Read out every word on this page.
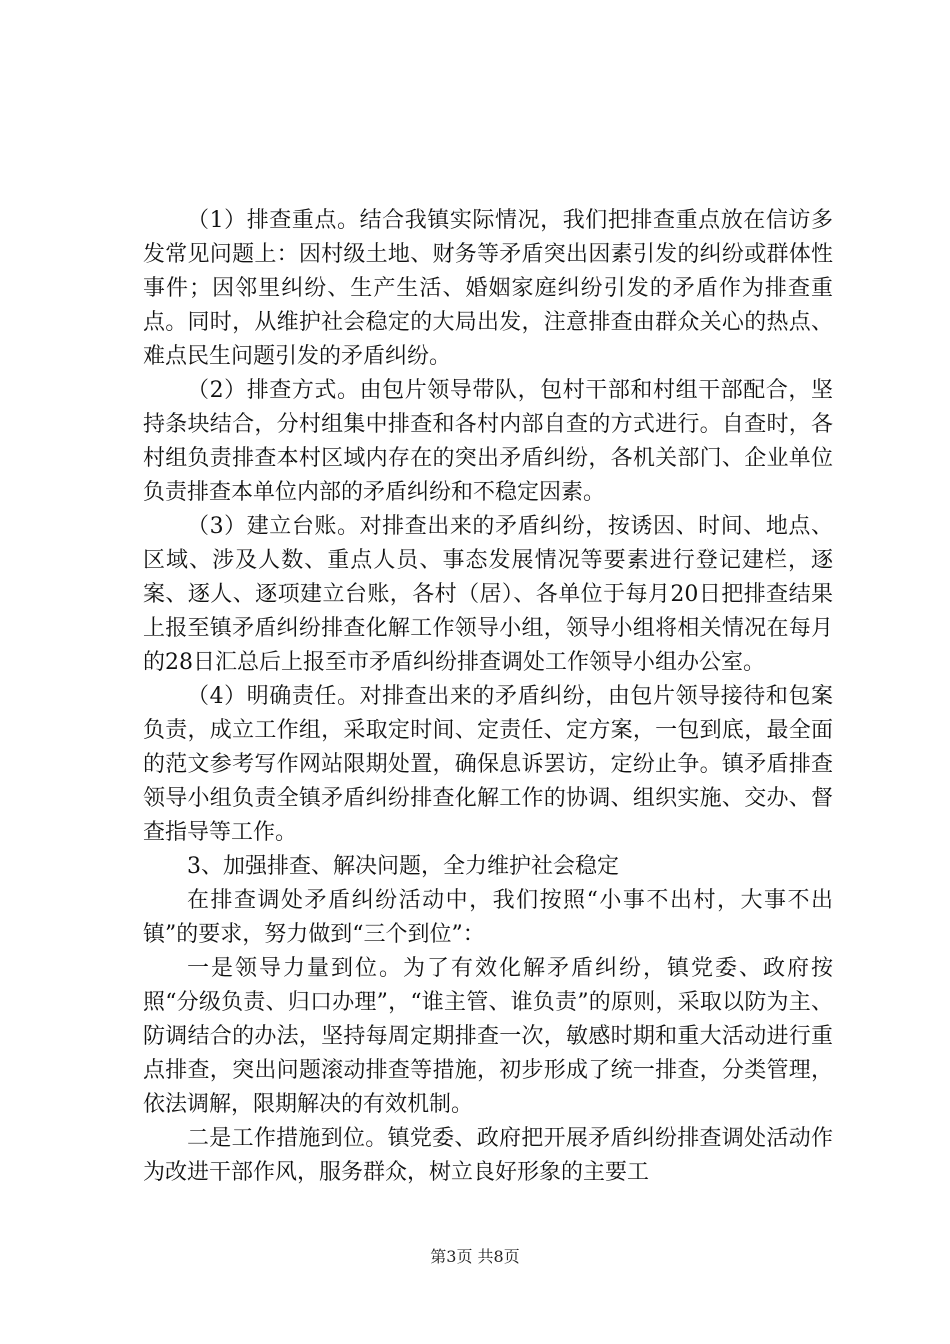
（1）排查重点。结合我镇实际情况，我们把排查重点放在信访多发常见问题上：因村级土地、财务等矛盾突出因素引发的纠纷或群体性事件；因邻里纠纷、生产生活、婚姻家庭纠纷引发的矛盾作为排查重点。同时，从维护社会稳定的大局出发，注意排查由群众关心的热点、难点民生问题引发的矛盾纠纷。

（2）排查方式。由包片领导带队，包村干部和村组干部配合，坚持条块结合，分村组集中排查和各村内部自查的方式进行。自查时，各村组负责排查本村区域内存在的突出矛盾纠纷，各机关部门、企业单位负责排查本单位内部的矛盾纠纷和不稳定因素。

（3）建立台账。对排查出来的矛盾纠纷，按诱因、时间、地点、区域、涉及人数、重点人员、事态发展情况等要素进行登记建栏，逐案、逐人、逐项建立台账，各村（居）、各单位于每月20日把排查结果上报至镇矛盾纠纷排查化解工作领导小组，领导小组将相关情况在每月的28日汇总后上报至市矛盾纠纷排查调处工作领导小组办公室。

（4）明确责任。对排查出来的矛盾纠纷，由包片领导接待和包案负责，成立工作组，采取定时间、定责任、定方案，一包到底，最全面的范文参考写作网站限期处置，确保息诉罢访，定纷止争。镇矛盾排查领导小组负责全镇矛盾纠纷排查化解工作的协调、组织实施、交办、督查指导等工作。

3、加强排查、解决问题，全力维护社会稳定

在排查调处矛盾纠纷活动中，我们按照“小事不出村，大事不出镇”的要求，努力做到“三个到位”：

一是领导力量到位。为了有效化解矛盾纠纷，镇党委、政府按照“分级负责、归口办理”，“谁主管、谁负责”的原则，采取以防为主、防调结合的办法，坚持每周定期排查一次，敏感时期和重大活动进行重点排查，突出问题滚动排查等措施，初步形成了统一排查，分类管理，依法调解，限期解决的有效机制。

二是工作措施到位。镇党委、政府把开展矛盾纠纷排查调处活动作为改进干部作风，服务群众，树立良好形象的主要工

第3页 共8页
